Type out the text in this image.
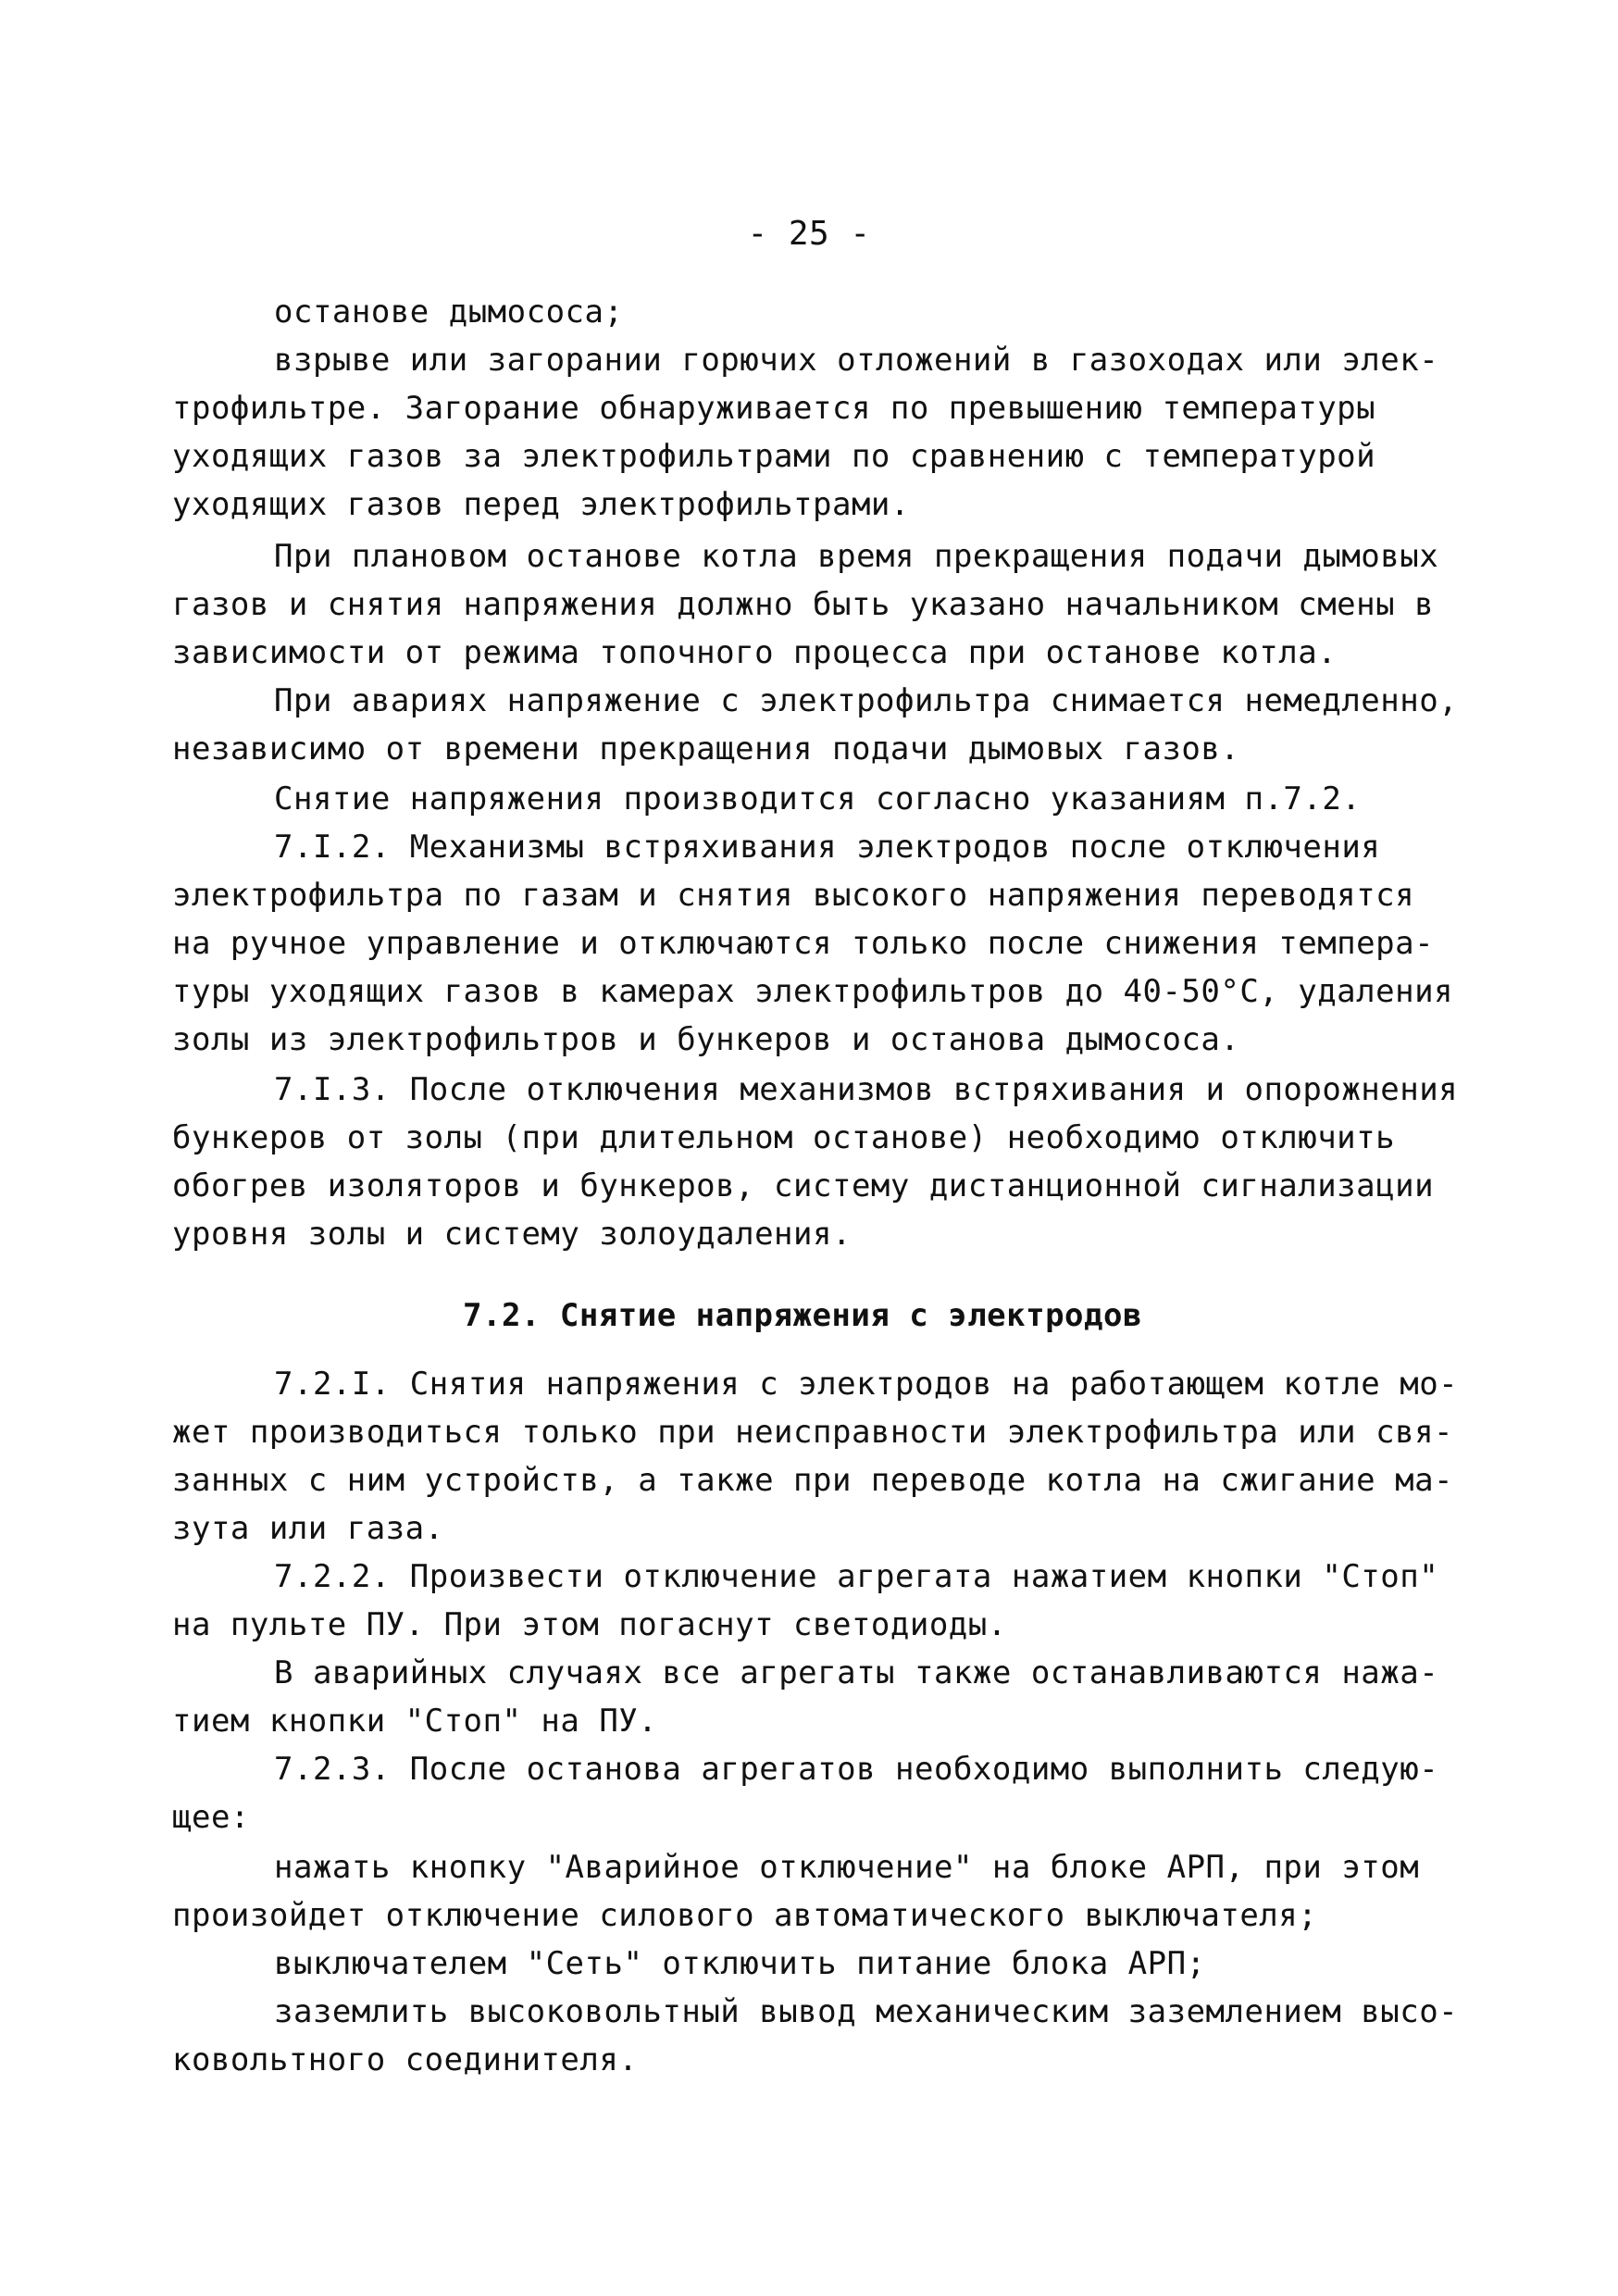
- 25 -
останове дымососа;
взрыве или загорании горючих отложений в газоходах или элек-
трофильтре. Загорание обнаруживается по превышению температуры
уходящих газов за электрофильтрами по сравнению с температурой
уходящих газов перед электрофильтрами.
При плановом останове котла время прекращения подачи дымовых
газов и снятия напряжения должно быть указано начальником смены в
зависимости от режима топочного процесса при останове котла.
При авариях напряжение с электрофильтра снимается немедленно,
независимо от времени прекращения подачи дымовых газов.
Снятие напряжения производится согласно указаниям п.7.2.
7.I.2. Механизмы встряхивания электродов после отключения
электрофильтра по газам и снятия высокого напряжения переводятся
на ручное управление и отключаются только после снижения темпера-
туры уходящих газов в камерах электрофильтров до 40-50°С, удаления
золы из электрофильтров и бункеров и останова дымососа.
7.I.3. После отключения механизмов встряхивания и опорожнения
бункеров от золы (при длительном останове) необходимо отключить
обогрев изоляторов и бункеров, систему дистанционной сигнализации
уровня золы и систему золоудаления.
7.2. Снятие напряжения с электродов
7.2.I. Снятия напряжения с электродов на работающем котле мо-
жет производиться только при неисправности электрофильтра или свя-
занных с ним устройств, а также при переводе котла на сжигание ма-
зута или газа.
7.2.2. Произвести отключение агрегата нажатием кнопки "Стоп"
на пульте ПУ. При этом погаснут светодиоды.
В аварийных случаях все агрегаты также останавливаются нажа-
тием кнопки "Стоп" на ПУ.
7.2.3. После останова агрегатов необходимо выполнить следую-
щее:
нажать кнопку "Аварийное отключение" на блоке АРП, при этом
произойдет отключение силового автоматического выключателя;
выключателем "Сеть" отключить питание блока АРП;
заземлить высоковольтный вывод механическим заземлением высо-
ковольтного соединителя.
